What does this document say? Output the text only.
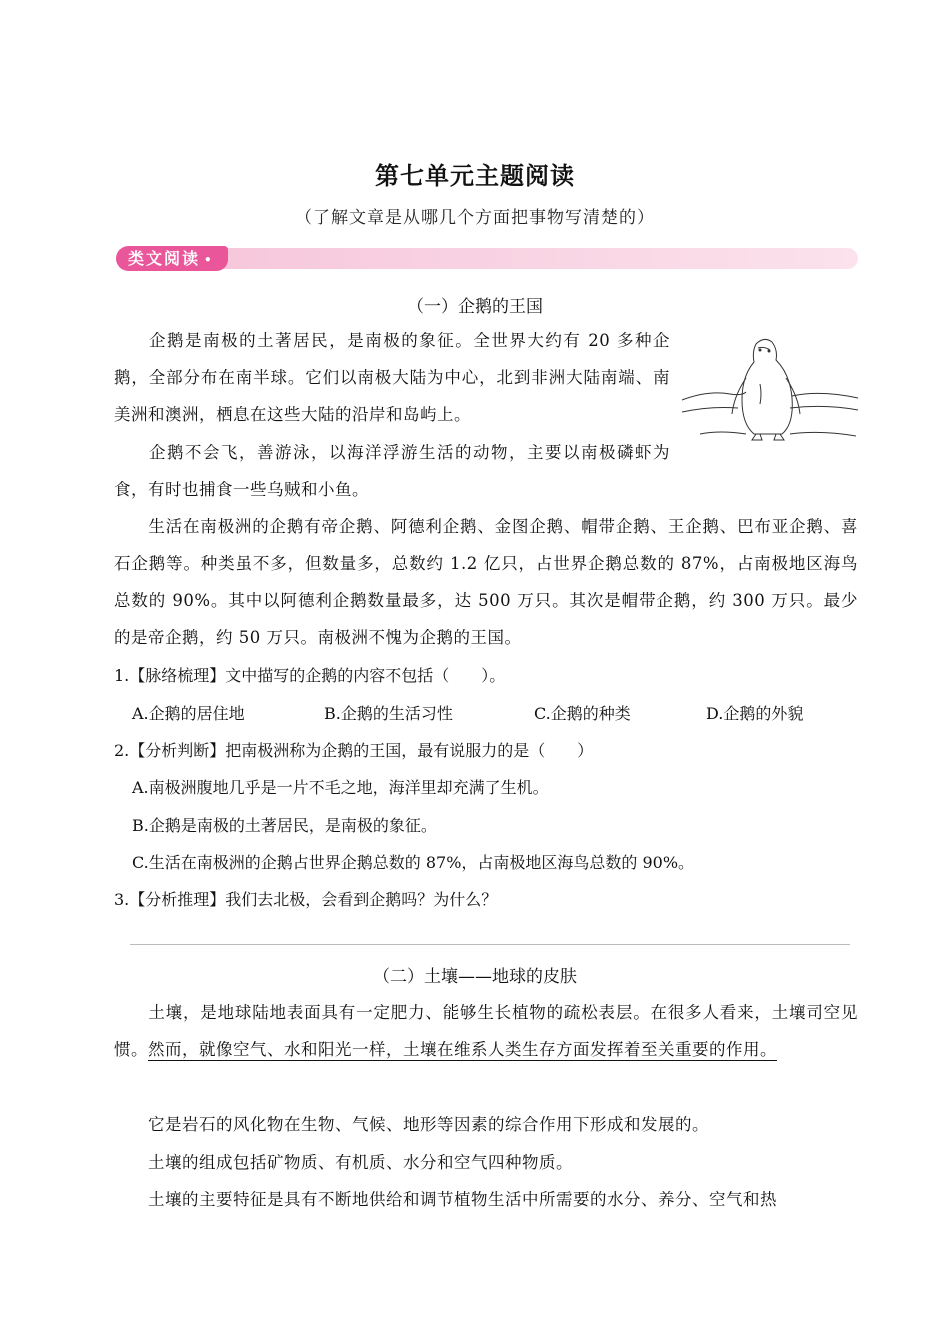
第七单元主题阅读
（了解文章是从哪几个方面把事物写清楚的）
类文阅读 •
（一）企鹅的王国

企鹅是南极的土著居民，是南极的象征。全世界大约有 20 多种企鹅，全部分布在南半球。它们以南极大陆为中心，北到非洲大陆南端、南美洲和澳洲，栖息在这些大陆的沿岸和岛屿上。

企鹅不会飞，善游泳，以海洋浮游生活的动物，主要以南极磷虾为食，有时也捕食一些乌贼和小鱼。

生活在南极洲的企鹅有帝企鹅、阿德利企鹅、金图企鹅、帽带企鹅、王企鹅、巴布亚企鹅、喜石企鹅等。种类虽不多，但数量多，总数约 1.2 亿只，占世界企鹅总数的 87%，占南极地区海鸟总数的 90%。其中以阿德利企鹅数量最多，达 500 万只。其次是帽带企鹅，约 300 万只。最少的是帝企鹅，约 50 万只。南极洲不愧为企鹅的王国。

1.【脉络梳理】文中描写的企鹅的内容不包括（　　）。
A.企鹅的居住地	B.企鹅的生活习性	C.企鹅的种类	D.企鹅的外貌
2.【分析判断】把南极洲称为企鹅的王国，最有说服力的是（　　）
A.南极洲腹地几乎是一片不毛之地，海洋里却充满了生机。
B.企鹅是南极的土著居民，是南极的象征。
C.生活在南极洲的企鹅占世界企鹅总数的 87%，占南极地区海鸟总数的 90%。
3.【分析推理】我们去北极，会看到企鹅吗？为什么？
（二）土壤——地球的皮肤

土壤，是地球陆地表面具有一定肥力、能够生长植物的疏松表层。在很多人看来，土壤司空见惯。然而，就像空气、水和阳光一样，土壤在维系人类生存方面发挥着至关重要的作用。

它是岩石的风化物在生物、气候、地形等因素的综合作用下形成和发展的。

土壤的组成包括矿物质、有机质、水分和空气四种物质。

土壤的主要特征是具有不断地供给和调节植物生活中所需要的水分、养分、空气和热
